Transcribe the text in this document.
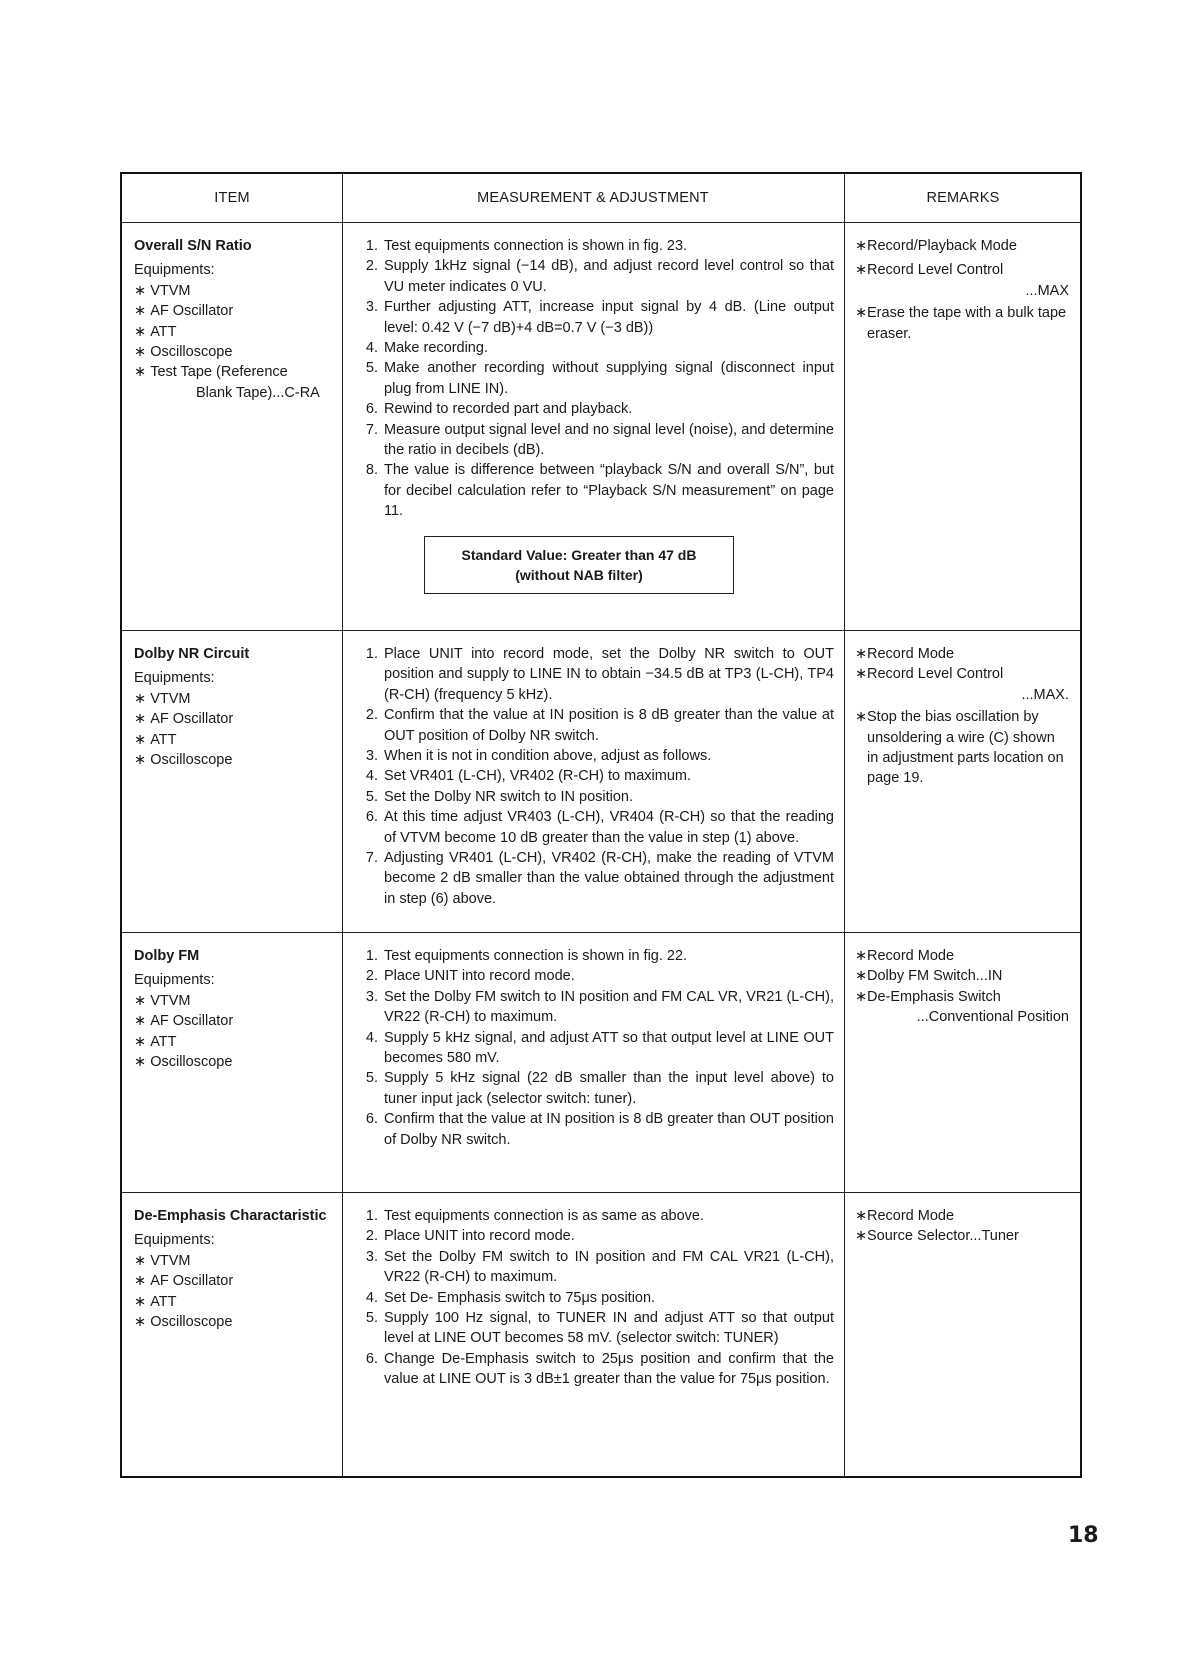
ITEM	MEASUREMENT & ADJUSTMENT	REMARKS
Overall S/N Ratio
Equipments:
∗ VTVM
∗ AF Oscillator
∗ ATT
∗ Oscilloscope
∗ Test Tape (Reference
Blank Tape)...C-RA
1. Test equipments connection is shown in fig. 23.
2. Supply 1kHz signal (−14 dB), and adjust record level control so that VU meter indicates 0 VU.
3. Further adjusting ATT, increase input signal by 4 dB. (Line output level: 0.42 V (−7 dB)+4 dB=0.7 V (−3 dB))
4. Make recording.
5. Make another recording without supplying signal (disconnect input plug from LINE IN).
6. Rewind to recorded part and playback.
7. Measure output signal level and no signal level (noise), and determine the ratio in decibels (dB).
8. The value is difference between “playback S/N and overall S/N”, but for decibel calculation refer to “Playback S/N measurement” on page 11.
Standard Value: Greater than 47 dB
(without NAB filter)
∗ Record/Playback Mode
∗ Record Level Control
...MAX
∗ Erase the tape with a bulk tape eraser.
Dolby NR Circuit
Equipments:
∗ VTVM
∗ AF Oscillator
∗ ATT
∗ Oscilloscope
1. Place UNIT into record mode, set the Dolby NR switch to OUT position and supply to LINE IN to obtain −34.5 dB at TP3 (L-CH), TP4 (R-CH) (frequency 5 kHz).
2. Confirm that the value at IN position is 8 dB greater than the value at OUT position of Dolby NR switch.
3. When it is not in condition above, adjust as follows.
4. Set VR401 (L-CH), VR402 (R-CH) to maximum.
5. Set the Dolby NR switch to IN position.
6. At this time adjust VR403 (L-CH), VR404 (R-CH) so that the reading of VTVM become 10 dB greater than the value in step (1) above.
7. Adjusting VR401 (L-CH), VR402 (R-CH), make the reading of VTVM become 2 dB smaller than the value obtained through the adjustment in step (6) above.
∗ Record Mode
∗ Record Level Control
...MAX.
∗ Stop the bias oscillation by unsoldering a wire (C) shown in adjustment parts location on page 19.
Dolby FM
Equipments:
∗ VTVM
∗ AF Oscillator
∗ ATT
∗ Oscilloscope
1. Test equipments connection is shown in fig. 22.
2. Place UNIT into record mode.
3. Set the Dolby FM switch to IN position and FM CAL VR, VR21 (L-CH), VR22 (R-CH) to maximum.
4. Supply 5 kHz signal, and adjust ATT so that output level at LINE OUT becomes 580 mV.
5. Supply 5 kHz signal (22 dB smaller than the input level above) to tuner input jack (selector switch: tuner).
6. Confirm that the value at IN position is 8 dB greater than OUT position of Dolby NR switch.
∗ Record Mode
∗ Dolby FM Switch...IN
∗ De-Emphasis Switch
...Conventional Position
De-Emphasis Charactaristic
Equipments:
∗ VTVM
∗ AF Oscillator
∗ ATT
∗ Oscilloscope
1. Test equipments connection is as same as above.
2. Place UNIT into record mode.
3. Set the Dolby FM switch to IN position and FM CAL VR21 (L-CH), VR22 (R-CH) to maximum.
4. Set De- Emphasis switch to 75μs position.
5. Supply 100 Hz signal, to TUNER IN and adjust ATT so that output level at LINE OUT becomes 58 mV. (selector switch: TUNER)
6. Change De-Emphasis switch to 25μs position and confirm that the value at LINE OUT is 3 dB±1 greater than the value for 75μs position.
∗ Record Mode
∗ Source Selector...Tuner
18
